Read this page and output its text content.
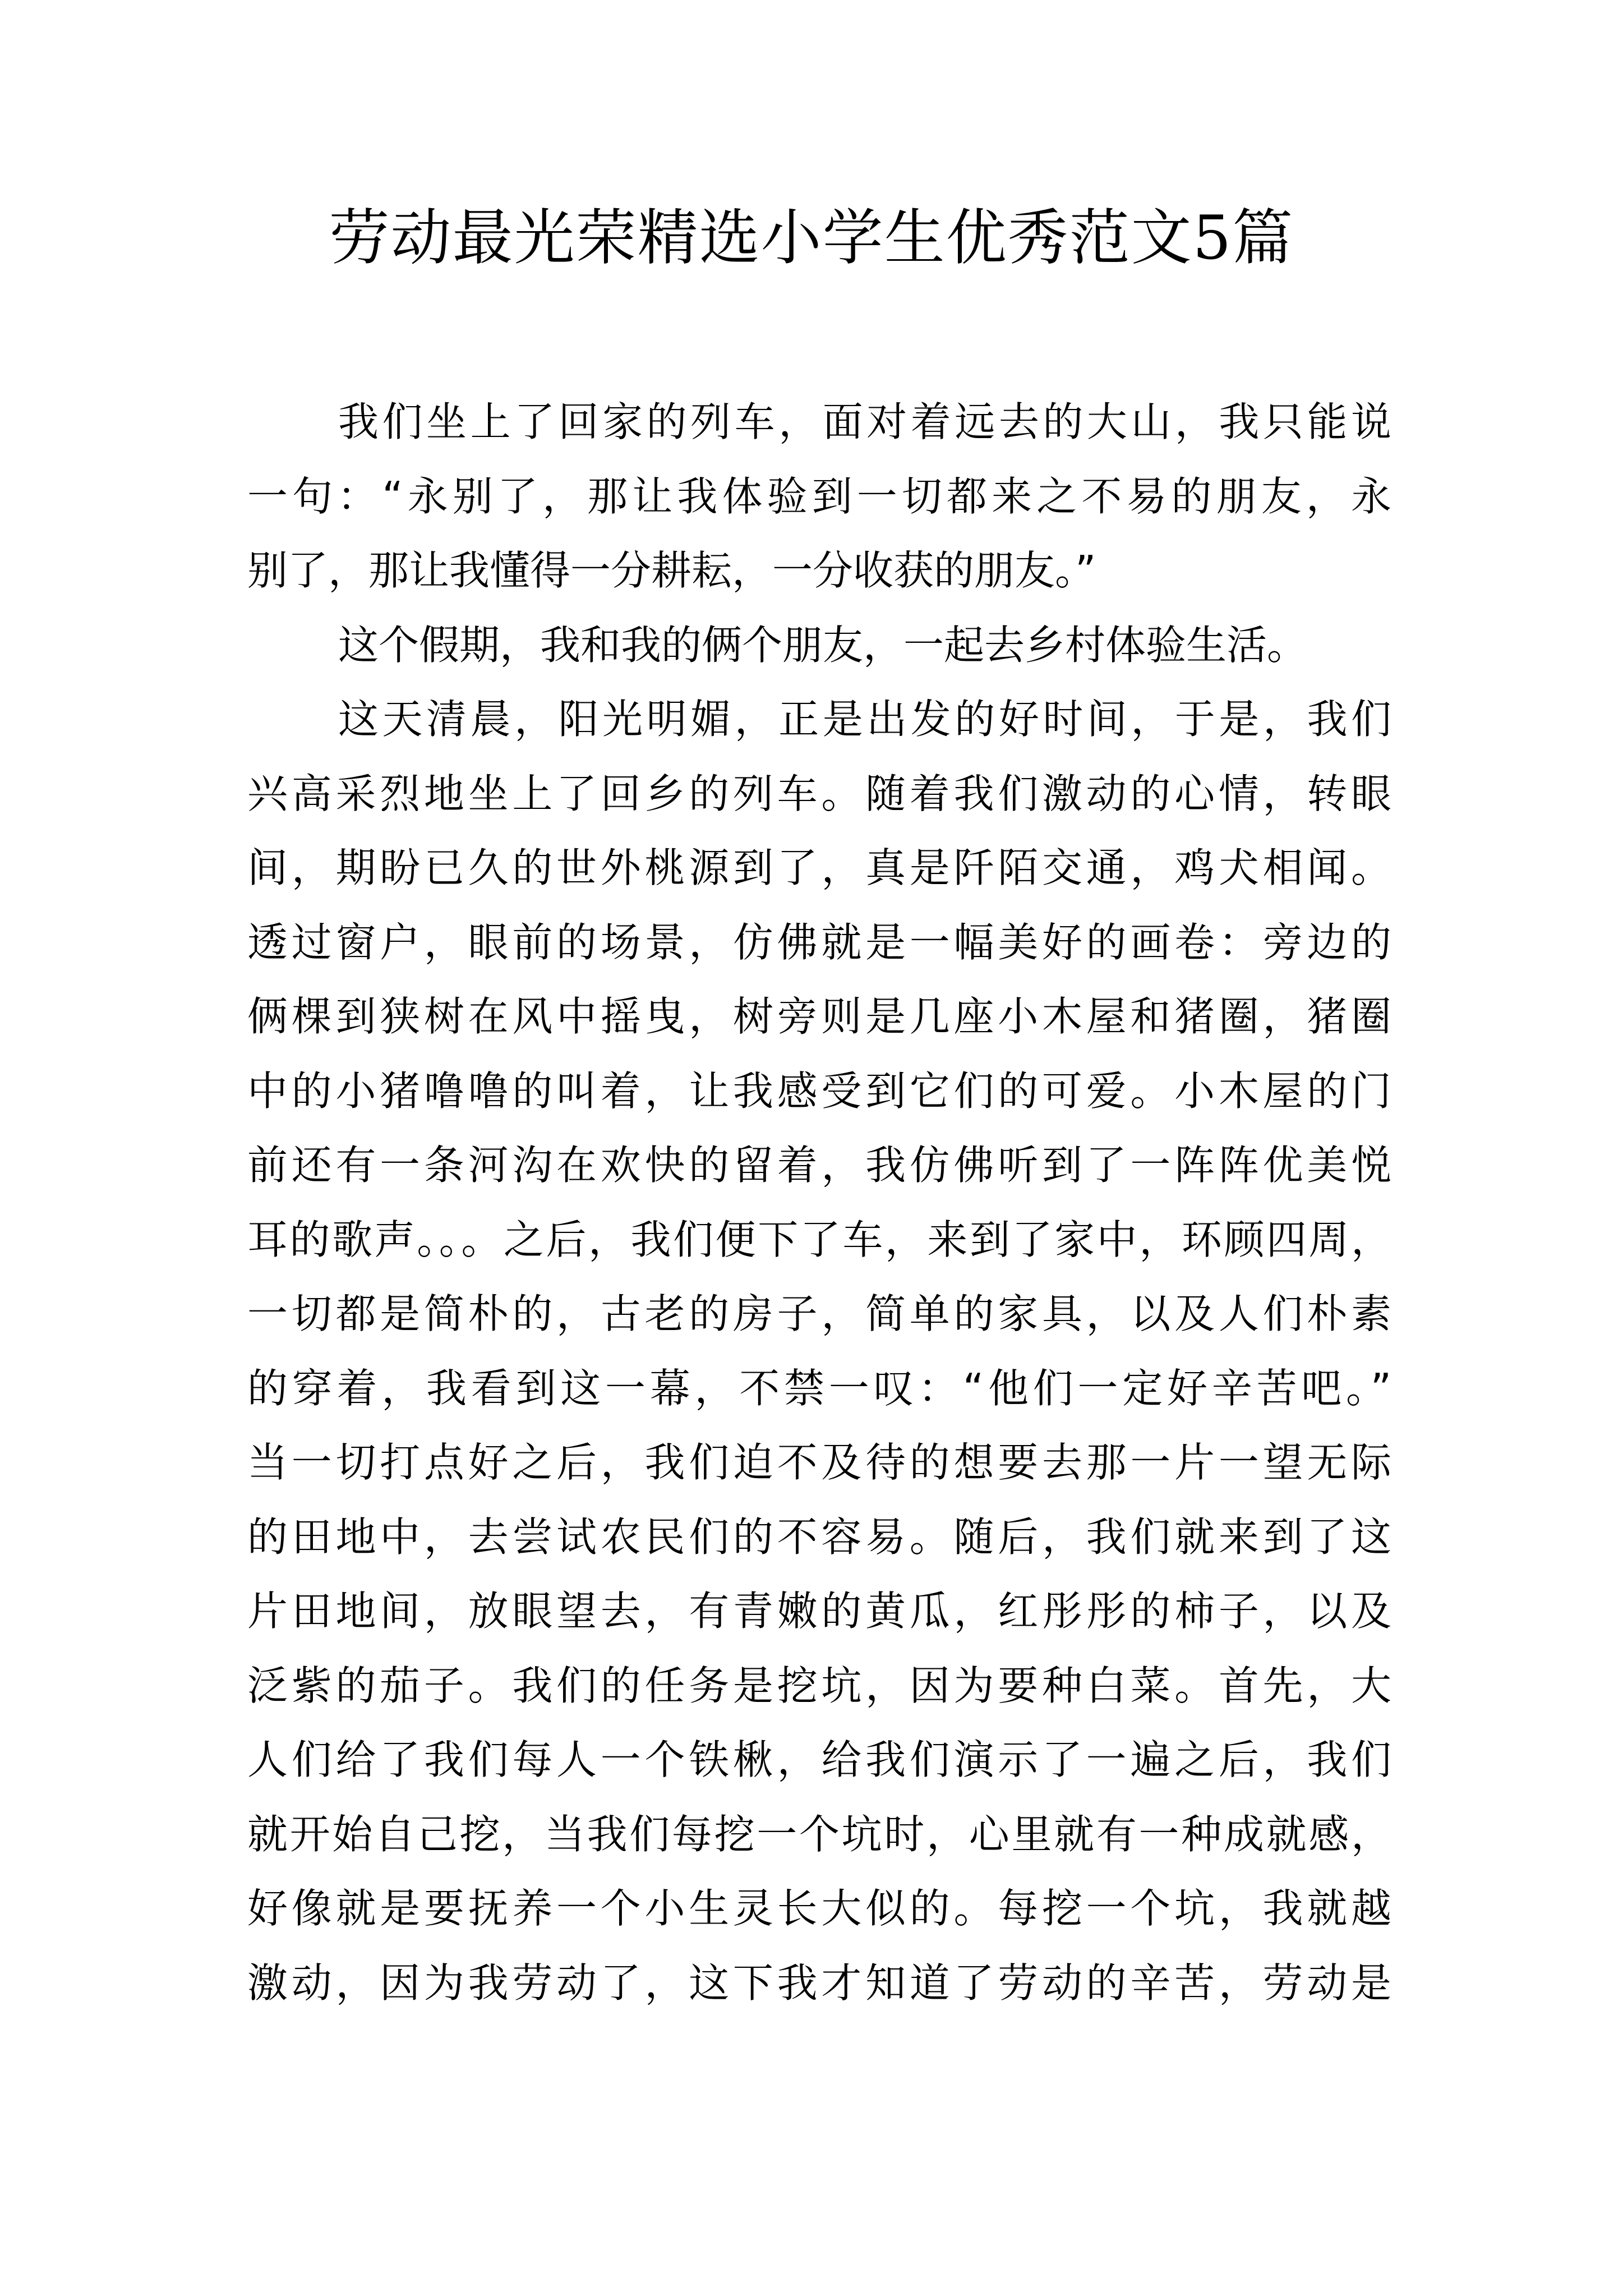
劳动最光荣精选小学生优秀范文5篇
我们坐上了回家的列车，面对着远去的大山，我只能说
一句：“永别了，那让我体验到一切都来之不易的朋友，永
别了，那让我懂得一分耕耘，一分收获的朋友。”
这个假期，我和我的俩个朋友，一起去乡村体验生活。
这天清晨，阳光明媚，正是出发的好时间，于是，我们
兴高采烈地坐上了回乡的列车。随着我们激动的心情，转眼
间，期盼已久的世外桃源到了，真是阡陌交通，鸡犬相闻。
透过窗户，眼前的场景，仿佛就是一幅美好的画卷：旁边的
俩棵到狭树在风中摇曳，树旁则是几座小木屋和猪圈，猪圈
中的小猪噜噜的叫着，让我感受到它们的可爱。小木屋的门
前还有一条河沟在欢快的留着，我仿佛听到了一阵阵优美悦
耳的歌声。。。之后，我们便下了车，来到了家中，环顾四周，
一切都是简朴的，古老的房子，简单的家具，以及人们朴素
的穿着，我看到这一幕，不禁一叹：“他们一定好辛苦吧。”
当一切打点好之后，我们迫不及待的想要去那一片一望无际
的田地中，去尝试农民们的不容易。随后，我们就来到了这
片田地间，放眼望去，有青嫩的黄瓜，红彤彤的柿子，以及
泛紫的茄子。我们的任务是挖坑，因为要种白菜。首先，大
人们给了我们每人一个铁楸，给我们演示了一遍之后，我们
就开始自己挖，当我们每挖一个坑时，心里就有一种成就感，
好像就是要抚养一个小生灵长大似的。每挖一个坑，我就越
激动，因为我劳动了，这下我才知道了劳动的辛苦，劳动是
